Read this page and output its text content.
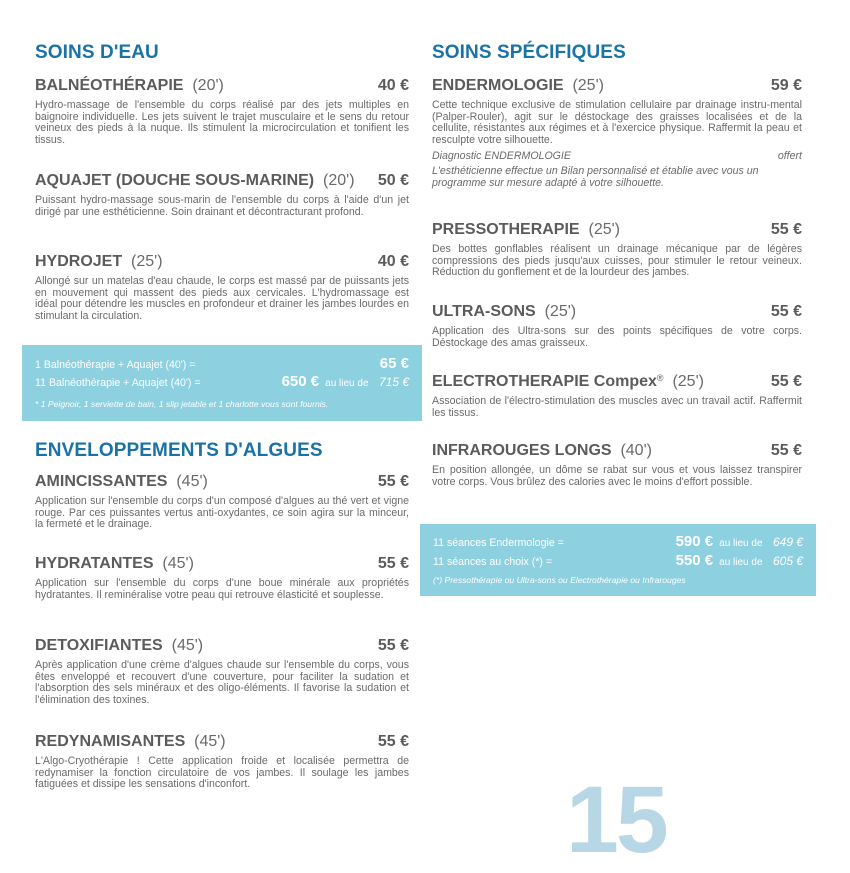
SOINS D'EAU
BALNÉOTHÉRAPIE (20')	40 €

Hydro-massage de l'ensemble du corps réalisé par des jets multiples en baignoire individuelle. Les jets suivent le trajet musculaire et le sens du retour veineux des pieds à la nuque. Ils stimulent la microcirculation et tonifient les tissus.

AQUAJET (DOUCHE SOUS-MARINE) (20') 50 €

Puissant hydro-massage sous-marin de l'ensemble du corps à l'aide d'un jet dirigé par une esthéticienne. Soin drainant et décontracturant profond.

HYDROJET (25')	40 €

Allongé sur un matelas d'eau chaude, le corps est massé par de puissants jets en mouvement qui massent des pieds aux cervicales. L'hydromassage est idéal pour détendre les muscles en profondeur et drainer les jambes lourdes en stimulant la circulation.

ENVELOPPEMENTS D'ALGUES
AMINCISSANTES (45')	55 €

Application sur l'ensemble du corps d'un composé d'algues au thé vert et vigne rouge. Par ces puissantes vertus anti-oxydantes, ce soin agira sur la minceur, la fermeté et le drainage.

HYDRATANTES (45')	55 €

Application sur l'ensemble du corps d'une boue minérale aux propriétés hydratantes. Il reminéralise votre peau qui retrouve élasticité et souplesse.

DETOXIFIANTES (45')	55 €

Après application d'une crème d'algues chaude sur l'ensemble du corps, vous êtes enveloppé et recouvert d'une couverture, pour faciliter la sudation et l'absorption des sels minéraux et des oligo-éléments. Il favorise la sudation et l'élimination des toxines.

REDYNAMISANTES (45')	55 €

L'Algo-Cryothérapie ! Cette application froide et localisée permettra de redynamiser la fonction circulatoire de vos jambes. Il soulage les jambes fatiguées et dissipe les sensations d'inconfort.

1 Balnéothérapie + Aquajet (40') =	65 €
11 Balnéothérapie + Aquajet (40') =	650 € au lieu de 715 €
* 1 Peignoir, 1 serviette de bain, 1 slip jetable et 1 charlotte vous sont fournis.
SOINS SPÉCIFIQUES
ENDERMOLOGIE (25')	59 €

Cette technique exclusive de stimulation cellulaire par drainage instru-mental (Palper-Rouler), agit sur le déstockage des graisses localisées et de la cellulite, résistantes aux régimes et à l'exercice physique. Raffermit la peau et resculpte votre silhouette.

Diagnostic ENDERMOLOGIE	offert

L'esthéticienne effectue un Bilan personnalisé et établie avec vous un programme sur mesure adapté à votre silhouette.

PRESSOTHERAPIE (25')	55 €

Des bottes gonflables réalisent un drainage mécanique par de légères compressions des pieds jusqu'aux cuisses, pour stimuler le retour veineux. Réduction du gonflement et de la lourdeur des jambes.

ULTRA-SONS (25')	55 €

Application des Ultra-sons sur des points spécifiques de votre corps. Déstockage des amas graisseux.

ELECTROTHERAPIE Compex® (25')	55 €

Association de l'électro-stimulation des muscles avec un travail actif. Raffermit les tissus.

INFRAROUGES LONGS (40')	55 €

En position allongée, un dôme se rabat sur vous et vous laissez transpirer votre corps. Vous brûlez des calories avec le moins d'effort possible.

11 séances Endermologie =	590 € au lieu de 649 €
11 séances au choix (*) =	550 € au lieu de 605 €
(*) Pressothérapie ou Ultra-sons ou Electrothérapie ou Infrarouges
15
